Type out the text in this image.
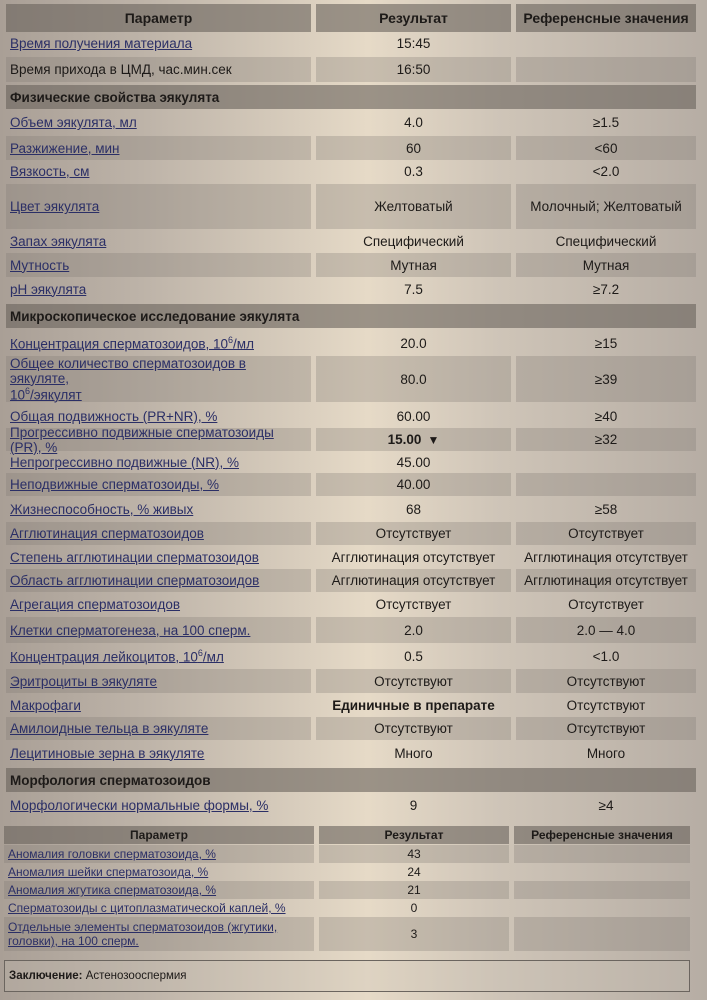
Параметр	Результат	Референсные значения
Время получения материала	15:45
Время прихода в ЦМД, час.мин.сек	16:50
Физические свойства эякулята
Объем эякулята, мл	4.0	≥1.5
Разжижение, мин	60	<60
Вязкость, см	0.3	<2.0
Цвет эякулята	Желтоватый	Молочный; Желтоватый
Запах эякулята	Специфический	Специфический
Мутность	Мутная	Мутная
pH эякулята	7.5	≥7.2
Микроскопическое исследование эякулята
Концентрация сперматозоидов, $10^6/мл$	20.0	≥15
Общее количество сперматозоидов в эякуляте,
$10^6$/эякулят
80.0	≥39
Общая подвижность (PR+NR), %	60.00	≥40
Прогрессивно подвижные сперматозоиды (PR), %	15.00 ▼	≥32
Непрогрессивно подвижные (NR), %	45.00
Неподвижные сперматозоиды, %	40.00
Жизнеспособность, % живых	68	≥58
Агглютинация сперматозоидов	Отсутствует	Отсутствует
Степень агглютинации сперматозоидов	Агглютинация отсутствует	Агглютинация отсутствует
Область агглютинации сперматозоидов	Агглютинация отсутствует	Агглютинация отсутствует
Агрегация сперматозоидов	Отсутствует	Отсутствует
Клетки сперматогенеза, на 100 сперм.	2.0	2.0 — 4.0
Концентрация лейкоцитов, $10^6/мл$	0.5	<1.0
Эритроциты в эякуляте	Отсутствуют	Отсутствуют
Макрофаги	Единичные в препарате	Отсутствуют
Амилоидные тельца в эякуляте	Отсутствуют	Отсутствуют
Лецитиновые зерна в эякуляте	Много	Много
Морфология сперматозоидов
Морфологически нормальные формы, %	9	≥4
Параметр	Результат	Референсные значения
Аномалия головки сперматозоида, %	43
Аномалия шейки сперматозоида, %	24
Аномалия жгутика сперматозоида, %	21
Сперматозоиды с цитоплазматической каплей, %	0
Отдельные элементы сперматозоидов (жгутики,
головки), на 100 сперм.	3
Заключение:
Астенозооспермия
